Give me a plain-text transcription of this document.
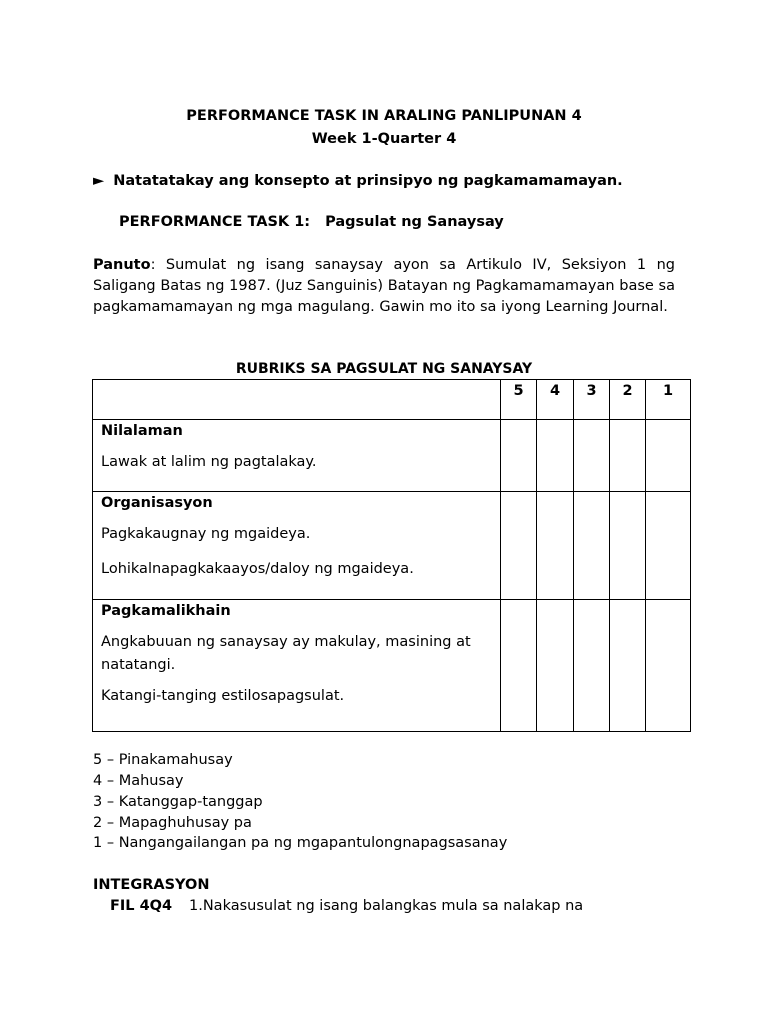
PERFORMANCE TASK IN ARALING PANLIPUNAN 4
Week 1-Quarter 4
► Natatatakay ang konsepto at prinsipyo ng pagkamamamayan.
PERFORMANCE TASK 1: Pagsulat ng Sanaysay
Panuto: Sumulat ng isang sanaysay ayon sa Artikulo IV, Seksiyon 1 ng Saligang Batas ng 1987. (Juz Sanguinis) Batayan ng Pagkamamamayan base sa pagkamamamayan ng mga magulang. Gawin mo ito sa iyong Learning Journal.
RUBRIKS SA PAGSULAT NG SANAYSAY
	5	4	3	2	1

Nilalaman
Lawak at lalim ng pagtalakay.					

Organisasyon
Pagkakaugnay ng mgaideya.
Lohikalnapagkakaayos/daloy ng mgaideya.					

Pagkamalikhain
Angkabuuan ng sanaysay ay makulay, masining at natatangi.
Katangi-tanging estilosapagsulat.					

5 – Pinakamahusay
4 – Mahusay
3 – Katanggap-tanggap
2 – Mapaghuhusay pa
1 – Nangangailangan pa ng mgapantulongnapagsasanay
INTEGRASYON
FIL 4Q4 1.Nakasusulat ng isang balangkas mula sa nalakap na
